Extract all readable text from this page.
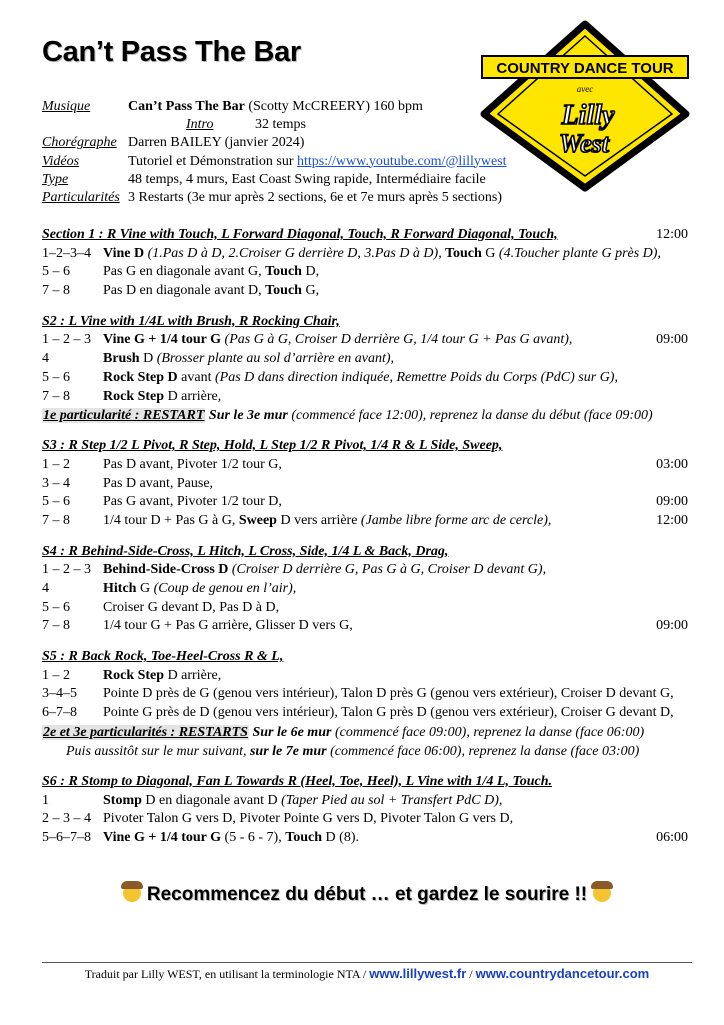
Can’t Pass The Bar
COUNTRY DANCE TOUR
avec
Lilly
West
Musique	Can’t Pass The Bar (Scotty McCREERY) 160 bpm
Intro	32 temps
Chorégraphe Darren BAILEY (janvier 2024)
Vidéos	Tutoriel et Démonstration sur https://www.youtube.com/@lillywest
Type	48 temps, 4 murs, East Coast Swing rapide, Intermédiaire facile
Particularités 3 Restarts (3e mur après 2 sections, 6e et 7e murs après 5 sections)
Section 1 : R Vine with Touch, L Forward Diagonal, Touch, R Forward Diagonal, Touch,	12:00
1–2–3–4 Vine D (1.Pas D à D, 2.Croiser G derrière D, 3.Pas D à D), Touch G (4.Toucher plante G près D),
5 – 6 Pas G en diagonale avant G, Touch D,
7 – 8 Pas D en diagonale avant D, Touch G,
S2 : L Vine with 1/4L with Brush, R Rocking Chair,
1 – 2 – 3 Vine G + 1/4 tour G (Pas G à G, Croiser D derrière G, 1/4 tour G + Pas G avant),	09:00
4	Brush D (Brosser plante au sol d’arrière en avant),
5 – 6 Rock Step D avant (Pas D dans direction indiquée, Remettre Poids du Corps (PdC) sur G),
7 – 8 Rock Step D arrière,
1e particularité : RESTART Sur le 3e mur (commencé face 12:00), reprenez la danse du début (face 09:00)
S3 : R Step 1/2 L Pivot, R Step, Hold, L Step 1/2 R Pivot, 1/4 R & L Side, Sweep,
1 – 2 Pas D avant, Pivoter 1/2 tour G,	03:00
3 – 4 Pas D avant, Pause,
5 – 6 Pas G avant, Pivoter 1/2 tour D,	09:00
7 – 8 1/4 tour D + Pas G à G, Sweep D vers arrière (Jambe libre forme arc de cercle),	12:00
S4 : R Behind-Side-Cross, L Hitch, L Cross, Side, 1/4 L & Back, Drag,
1 – 2 – 3 Behind-Side-Cross D (Croiser D derrière G, Pas G à G, Croiser D devant G),
4	Hitch G (Coup de genou en l’air),
5 – 6 Croiser G devant D, Pas D à D,
7 – 8 1/4 tour G + Pas G arrière, Glisser D vers G,	09:00
S5 : R Back Rock, Toe-Heel-Cross R & L,
1 – 2 Rock Step D arrière,
3–4–5 Pointe D près de G (genou vers intérieur), Talon D près G (genou vers extérieur), Croiser D devant G,
6–7–8 Pointe G près de D (genou vers intérieur), Talon G près D (genou vers extérieur), Croiser G devant D,
2e et 3e particularités : RESTARTS Sur le 6e mur (commencé face 09:00), reprenez la danse (face 06:00)
Puis aussitôt sur le mur suivant, sur le 7e mur (commencé face 06:00), reprenez la danse (face 03:00)
S6 : R Stomp to Diagonal, Fan L Towards R (Heel, Toe, Heel), L Vine with 1/4 L, Touch.
1	Stomp D en diagonale avant D (Taper Pied au sol + Transfert PdC D),
2 – 3 – 4 Pivoter Talon G vers D, Pivoter Pointe G vers D, Pivoter Talon G vers D,
5–6–7–8 Vine G + 1/4 tour G (5 - 6 - 7), Touch D (8).	06:00
Recommencez du début … et gardez le sourire !!
Traduit par Lilly WEST, en utilisant la terminologie NTA / www.lillywest.fr / www.countrydancetour.com
